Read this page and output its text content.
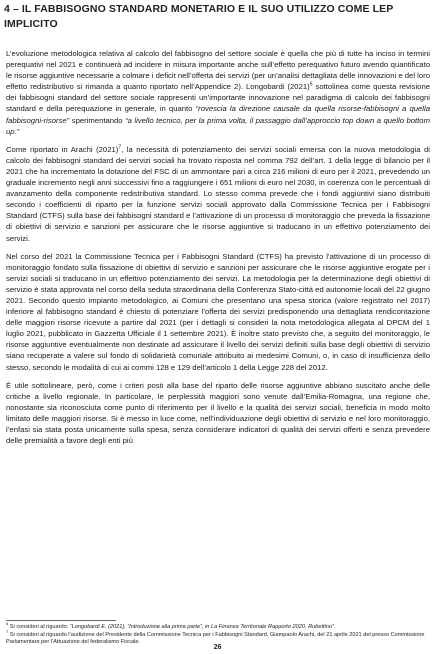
4 – IL FABBISOGNO STANDARD MONETARIO E IL SUO UTILIZZO COME LEP IMPLICITO

L’evoluzione metodologica relativa al calcolo del fabbisogno del settore sociale è quella che più di tutte ha inciso in termini perequativi nel 2021 e continuerà ad incidere in misura importante anche sull’effetto perequativo futuro avendo quantificato le risorse aggiuntive necessarie a colmare i deficit nell’offerta dei servizi (per un’analisi dettagliata delle innovazioni e del loro effetto redistributivo si rimanda a quanto riportato nell’Appendice 2). Longobardi $(2021)^6$ sottolinea come questa revisione dei fabbisogni standard del settore sociale rappresenti un’importante innovazione nel paradigma di calcolo dei fabbisogni standard e della perequazione in generale, in quanto “rovescia la direzione causale da quella risorse-fabbisogni a quella fabbisogni-risorse” sperimentando “a livello tecnico, per la prima volta, il passaggio dall’approccio top down a quello bottom up.”

Come riportato in Arachi $(2021)^7$, la necessità di potenziamento dei servizi sociali emersa con la nuova metodologia di calcolo dei fabbisogni standard dei servizi sociali ha trovato risposta nel comma 792 dell’art. 1 della legge di bilancio per il 2021 che ha incrementato la dotazione del FSC di un ammontare pari a circa 216 milioni di euro per il 2021, prevedendo un graduale incremento negli anni successivi fino a raggiungere i 651 milioni di euro nel 2030, in coerenza con le percentuali di avanzamento della componente redistributiva standard. Lo stesso comma prevede che i fondi aggiuntivi siano distribuiti secondo i coefficienti di riparto per la funzione servizi sociali approvato dalla Commissione Tecnica per i Fabbisogni Standard (CTFS) sulla base dei fabbisogni standard e l’attivazione di un processo di monitoraggio che preveda la fissazione di obiettivi di servizio e sanzioni per assicurare che le risorse aggiuntive si traducano in un effettivo potenziamento dei servizi.

Nel corso del 2021 la Commissione Tecnica per i Fabbisogni Standard (CTFS) ha previsto l’attivazione di un processo di monitoraggio fondato sulla fissazione di obiettivi di servizio e sanzioni per assicurare che le risorse aggiuntive erogate per i servizi sociali si traducano in un effettivo potenziamento dei servizi. La metodologia per la determinazione degli obiettivi di servizio è stata approvata nel corso della seduta straordinaria della Conferenza Stato-città ed autonomie locali del 22 giugno 2021. Secondo questo impianto metodologico, ai Comuni che presentano una spesa storica (valore registrato nel 2017) inferiore al fabbisogno standard è chiesto di potenziare l’offerta dei servizi predisponendo una dettagliata rendicontazione delle maggiori risorse ricevute a partire dal 2021 (per i dettagli si consideri la nota metodologica allegata al DPCM del 1 luglio 2021, pubblicato in Gazzetta Ufficiale il 1 settembre 2021). È inoltre stato previsto che, a seguito del monitoraggio, le risorse aggiuntive eventualmente non destinate ad assicurare il livello dei servizi definiti sulla base degli obiettivi di servizio siano recuperate a valere sul fondo di solidarietà comunale attribuito ai medesimi Comuni, o, in caso di insufficienza dello stesso, secondo le modalità di cui ai commi 128 e 129 dell’articolo 1 della Legge 228 del 2012.

È utile sottolineare, però, come i criteri posti alla base del riparto delle risorse aggiuntive abbiano suscitato anche delle critiche a livello regionale. In particolare, le perplessità maggiori sono venute dall’Emilia-Romagna, una regione che, nonostante sia riconosciuta come punto di riferimento per il livello e la qualità dei servizi sociali, beneficia in modo molto limitato delle maggiori risorse. Si è messo in luce come, nell’individuazione degli obiettivi di servizio e nel loro monitoraggio, l’enfasi sia stata posta unicamente sulla spesa, senza considerare indicatori di qualità dei servizi offerti e senza prevedere delle premialità a favore degli enti più

$^6$ Si consideri al riguardo: “Longobardi E. (2021), “Introduzione alla prima parte”, in La Finanza Territoriale Rapporto 2020, Rubettino”.

$^7$ Si consideri al riguardo l’audizione del Presidente della Commissione Tecnica per i Fabbisogni Standard, Giampaolo Arachi, del 21 aprile 2021 del presso Commissione Parlamentare per l’Attuazione del federalismo Fiscale.

26
